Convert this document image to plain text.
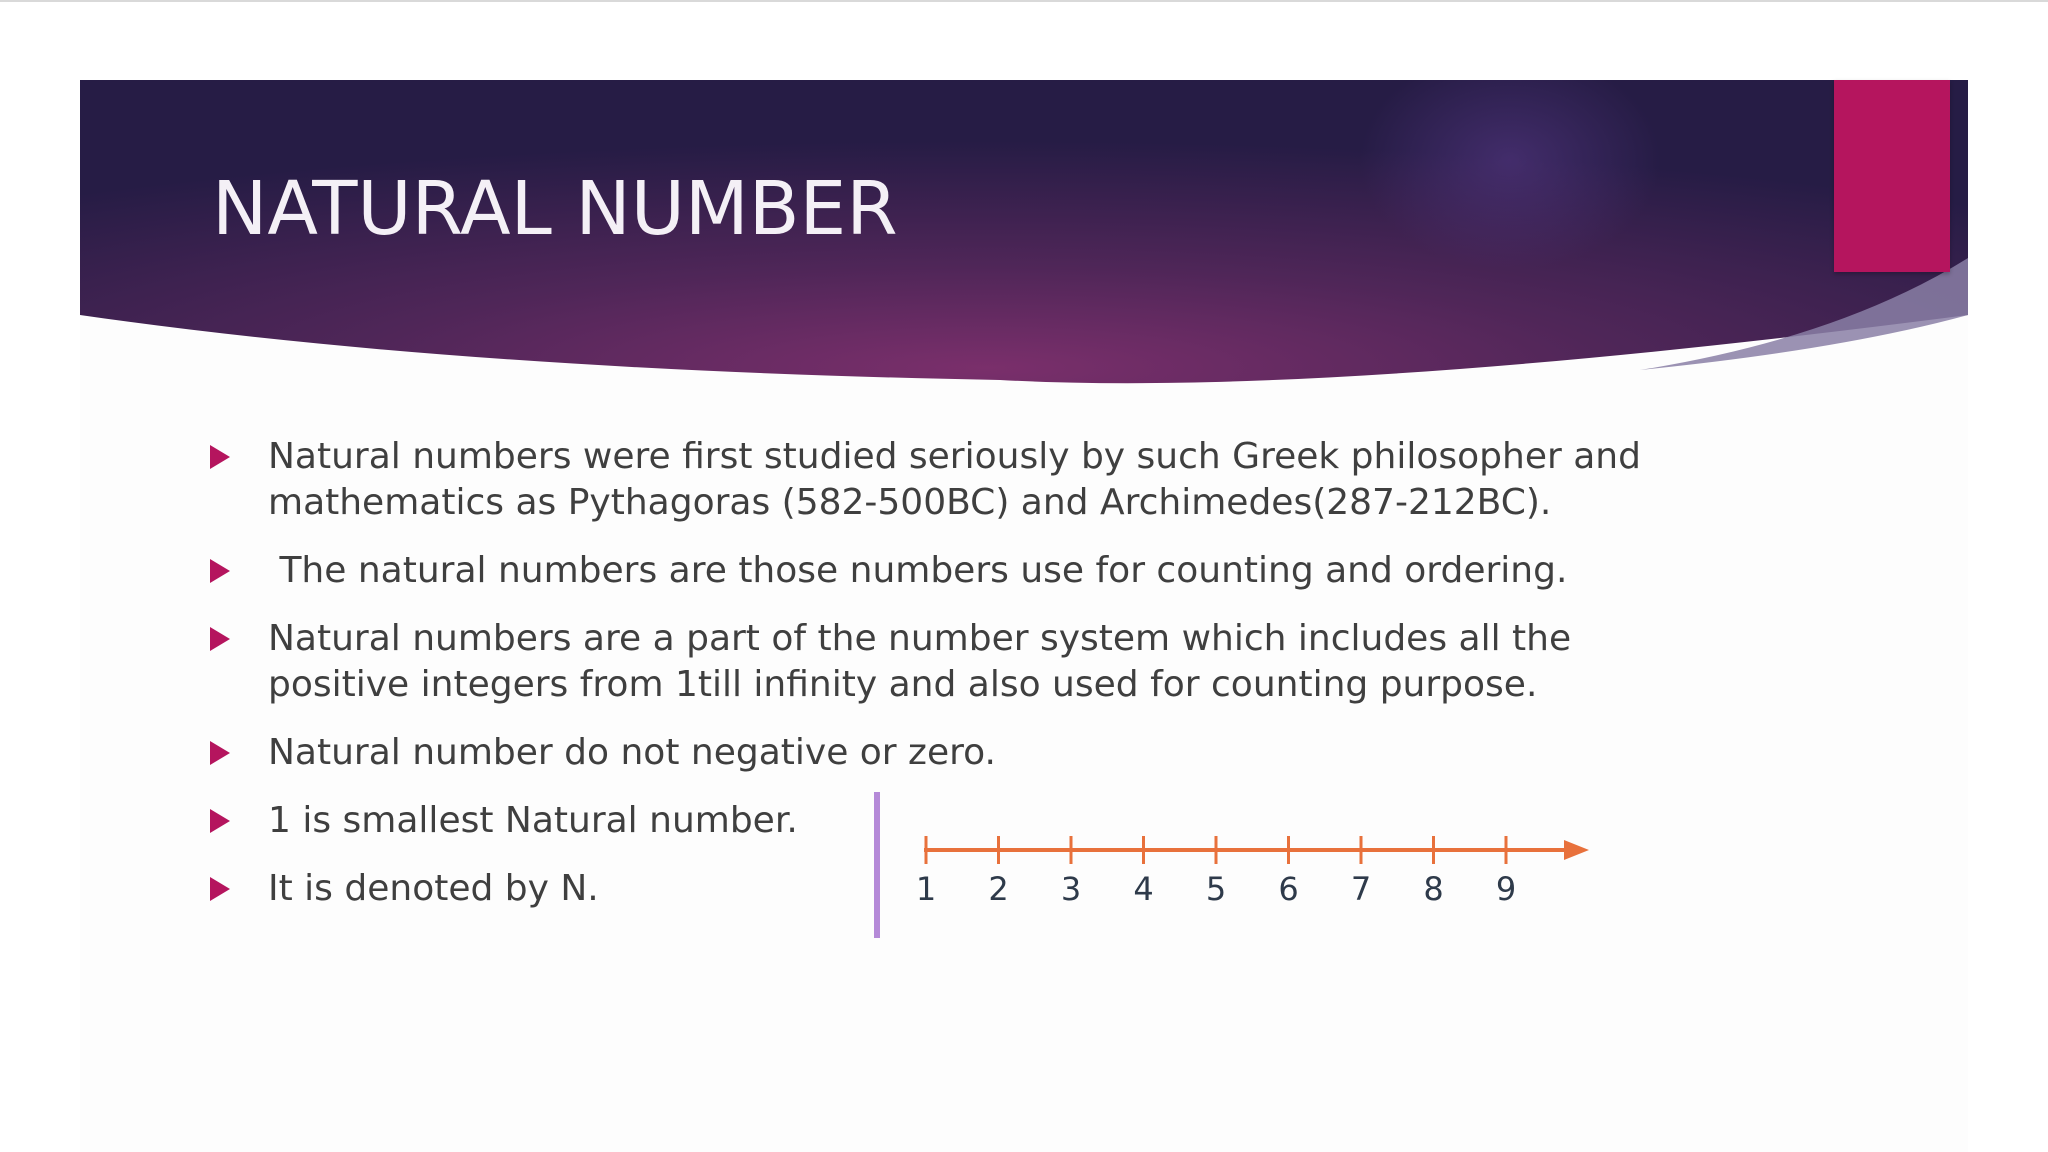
NATURAL NUMBER
Natural numbers were first studied seriously by such Greek philosopher and mathematics as Pythagoras (582-500BC) and Archimedes(287-212BC).
The natural numbers are those numbers use for counting and ordering.
Natural numbers are a part of the number system which includes all the positive integers from 1till infinity and also used for counting purpose.
Natural number do not negative or zero.
1 is smallest Natural number.
It is denoted by N.	1 2 3 4 5 6 7 8 9
